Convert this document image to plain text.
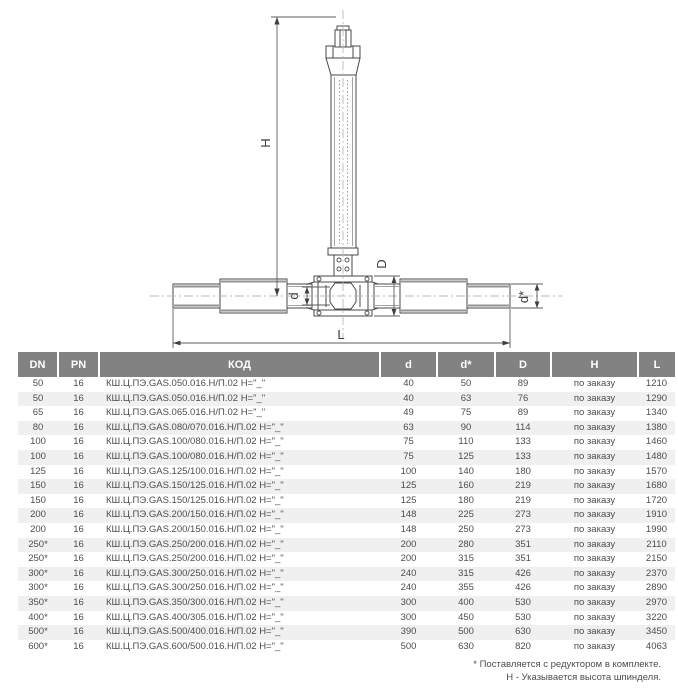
H
d
D
d*
L
DN	PN	КОД	d	d*	D	H	L
50	16	КШ.Ц.ПЭ.GAS.050.016.Н/П.02 Н="_"	40	50	89	по заказу	1210
50	16	КШ.Ц.ПЭ.GAS.050.016.Н/П.02 Н="_"	40	63	76	по заказу	1290
65	16	КШ.Ц.ПЭ.GAS.065.016.Н/П.02 Н="_"	49	75	89	по заказу	1340
80	16	КШ.Ц.ПЭ.GAS.080/070.016.Н/П.02 Н="_"	63	90	114	по заказу	1380
100	16	КШ.Ц.ПЭ.GAS.100/080.016.Н/П.02 Н="_"	75	110	133	по заказу	1460
100	16	КШ.Ц.ПЭ.GAS.100/080.016.Н/П.02 Н="_"	75	125	133	по заказу	1480
125	16	КШ.Ц.ПЭ.GAS.125/100.016.Н/П.02 Н="_"	100	140	180	по заказу	1570
150	16	КШ.Ц.ПЭ.GAS.150/125.016.Н/П.02 Н="_"	125	160	219	по заказу	1680
150	16	КШ.Ц.ПЭ.GAS.150/125.016.Н/П.02 Н="_"	125	180	219	по заказу	1720
200	16	КШ.Ц.ПЭ.GAS.200/150.016.Н/П.02 Н="_"	148	225	273	по заказу	1910
200	16	КШ.Ц.ПЭ.GAS.200/150.016.Н/П.02 Н="_"	148	250	273	по заказу	1990
250*	16	КШ.Ц.ПЭ.GAS.250/200.016.Н/П.02 Н="_"	200	280	351	по заказу	2110
250*	16	КШ.Ц.ПЭ.GAS.250/200.016.Н/П.02 Н="_"	200	315	351	по заказу	2150
300*	16	КШ.Ц.ПЭ.GAS.300/250.016.Н/П.02 Н="_"	240	315	426	по заказу	2370
300*	16	КШ.Ц.ПЭ.GAS.300/250.016.Н/П.02 Н="_"	240	355	426	по заказу	2890
350*	16	КШ.Ц.ПЭ.GAS.350/300.016.Н/П.02 Н="_"	300	400	530	по заказу	2970
400*	16	КШ.Ц.ПЭ.GAS.400/305.016.Н/П.02 Н="_"	300	450	530	по заказу	3220
500*	16	КШ.Ц.ПЭ.GAS.500/400.016.Н/П.02 Н="_"	390	500	630	по заказу	3450
600*	16	КШ.Ц.ПЭ.GAS.600/500.016.Н/П.02 Н="_"	500	630	820	по заказу	4063
* Поставляется с редуктором в комплекте.
Н - Указывается высота шпинделя.
